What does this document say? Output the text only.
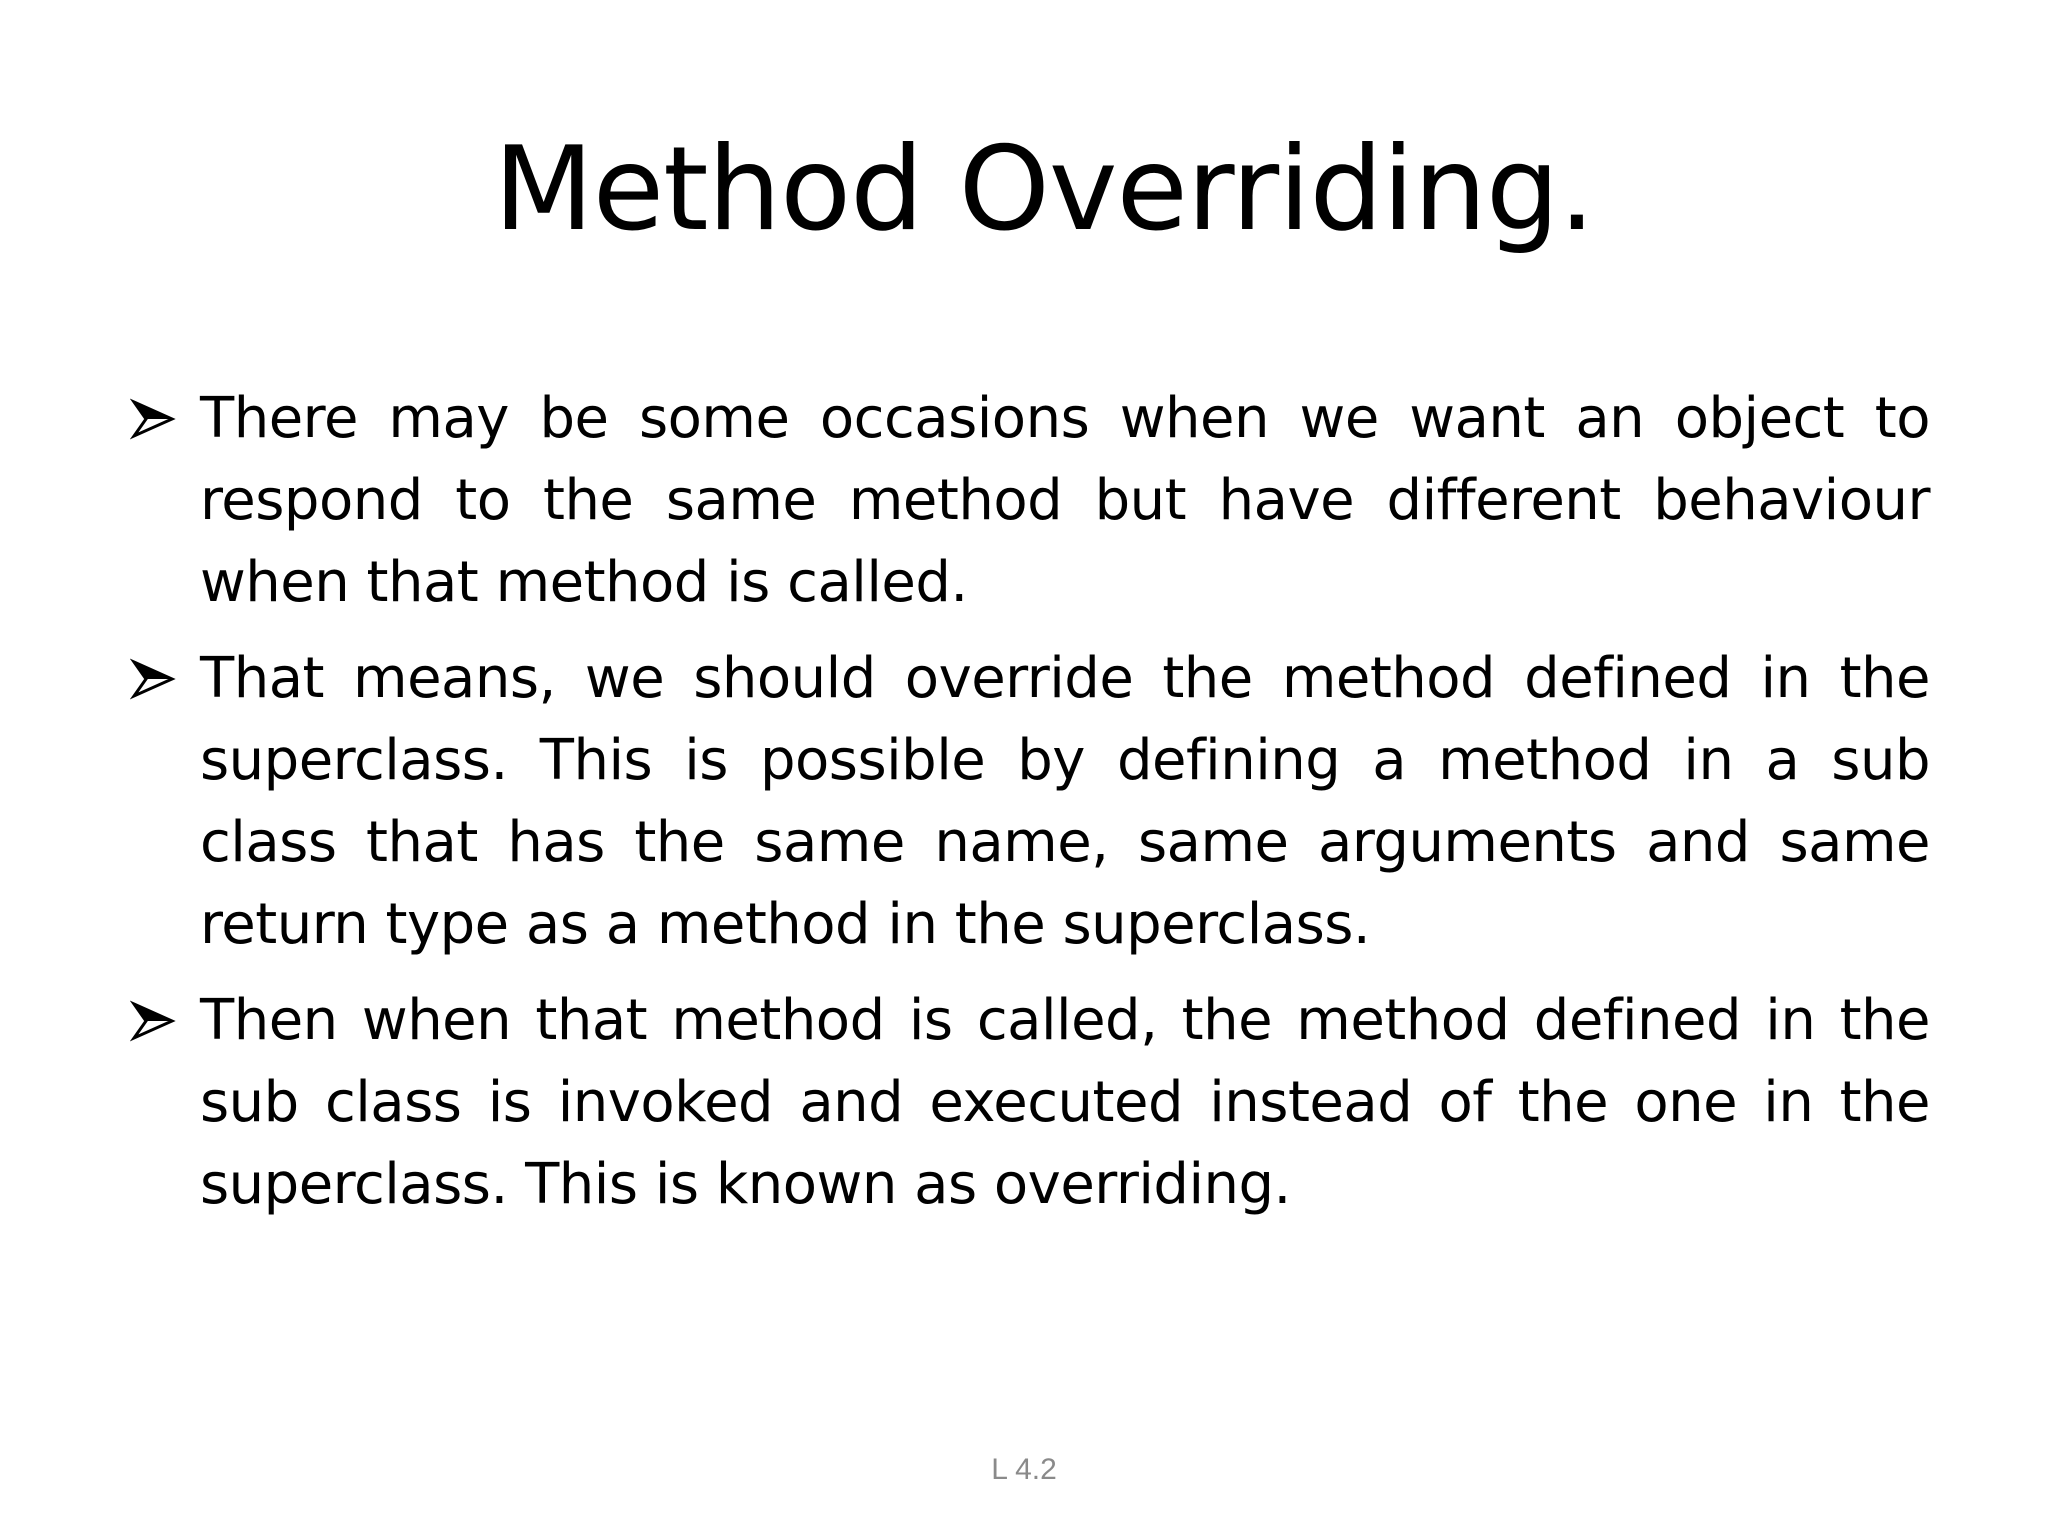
Method Overriding.
There may be some occasions when we want an object to respond to the same method but have different behaviour when that method is called.
That means, we should override the method defined in the superclass. This is possible by defining a method in a sub class that has the same name, same arguments and same return type as a method in the superclass.
Then when that method is called, the method defined in the sub class is invoked and executed instead of the one in the superclass. This is known as overriding.
L 4.2
